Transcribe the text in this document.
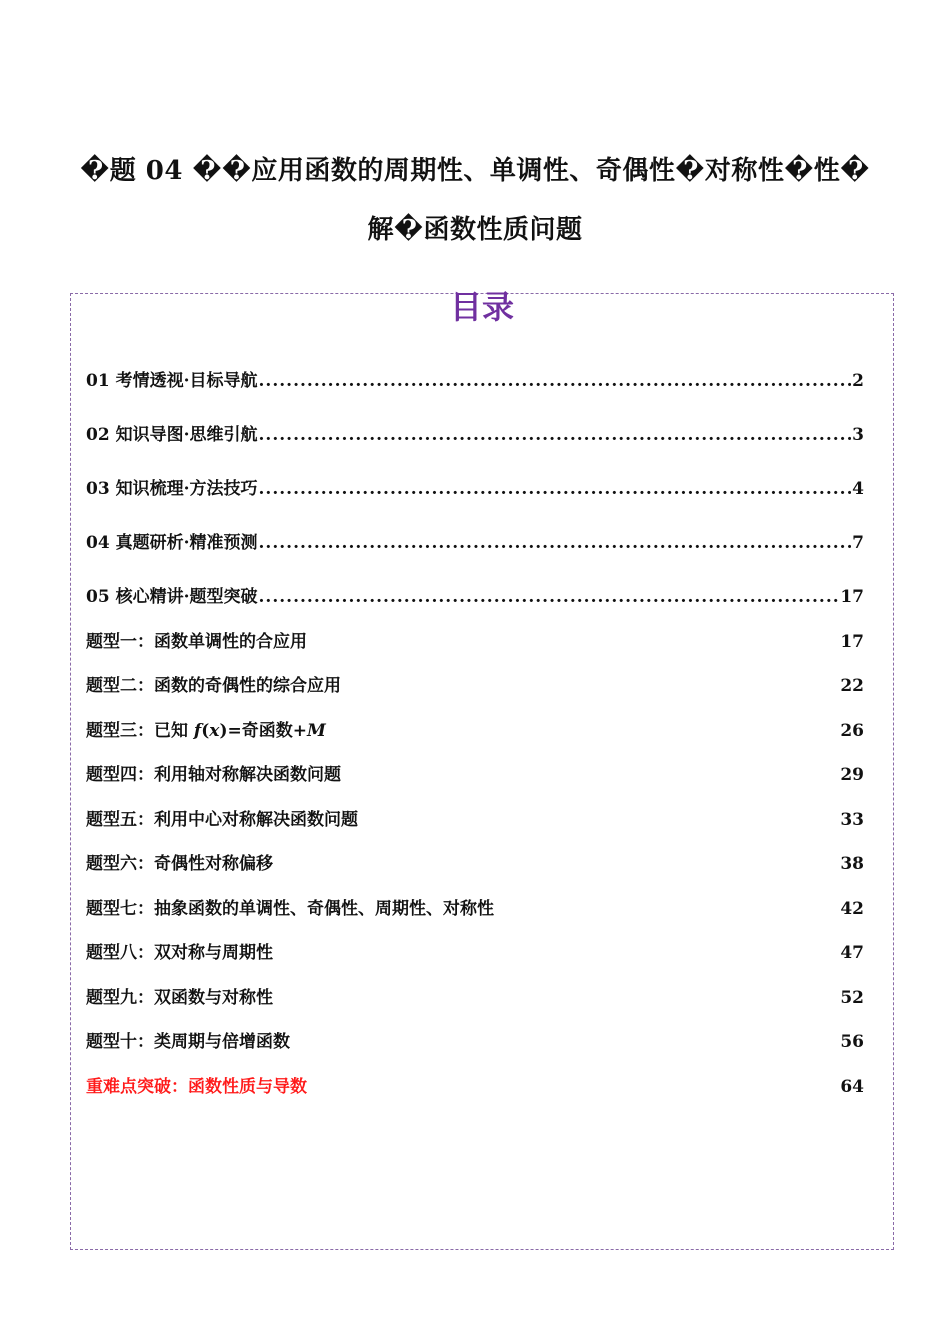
�题 04 ��应用函数的周期性、单调性、奇偶性�对称性�性�
解�函数性质问题
目录
01 考情透视·目标导航 .....	2
02 知识导图·思维引航 .....	3
03 知识梳理·方法技巧 .....	4
04 真题研析·精准预测 .....	7
05 核心精讲·题型突破 .....	17
题型一：函数单调性的合应用	17
题型二：函数的奇偶性的综合应用	22
题型三：已知 f(x)=奇函数+M	26
题型四：利用轴对称解决函数问题	29
题型五：利用中心对称解决函数问题	33
题型六：奇偶性对称偏移	38
题型七：抽象函数的单调性、奇偶性、周期性、对称性	42
题型八：双对称与周期性	47
题型九：双函数与对称性	52
题型十：类周期与倍增函数	56
重难点突破：函数性质与导数	64
